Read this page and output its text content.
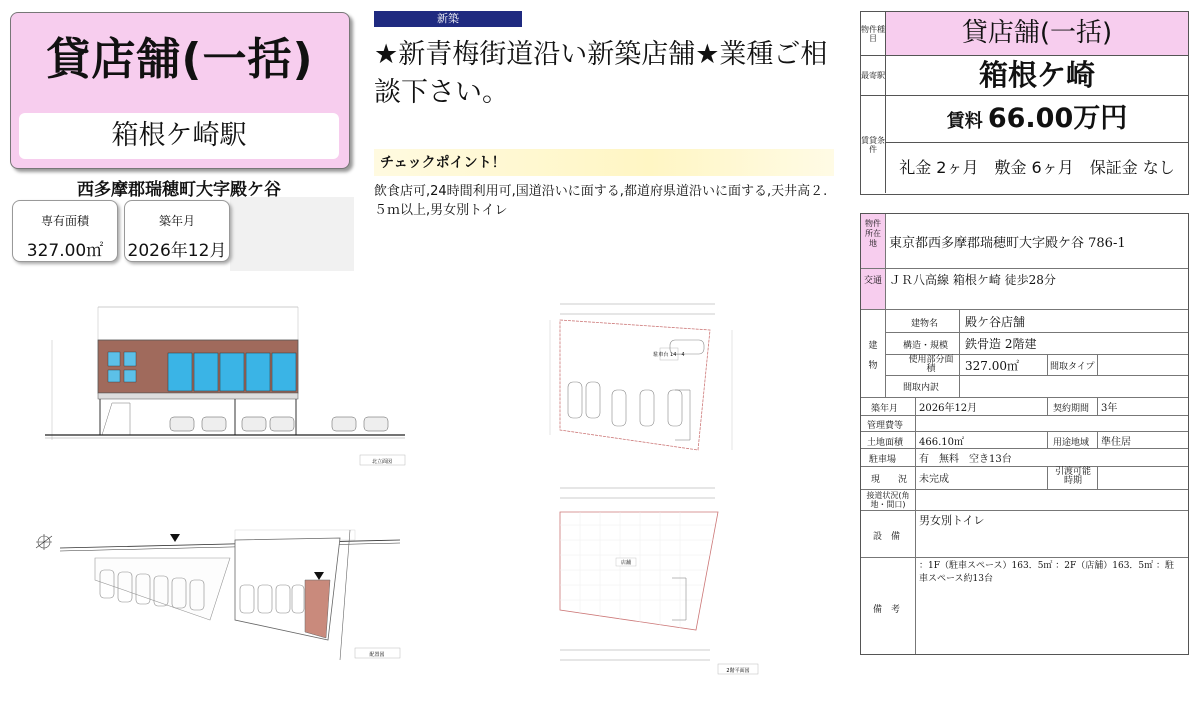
貸店舗(一括)
箱根ケ崎駅
西多摩郡瑞穂町大字殿ケ谷
専有面積
327.00㎡
築年月
2026年12月
新築
★新青梅街道沿い新築店舗★業種ご相談下さい。
チェックポイント！
飲食店可,24時間利用可,国道沿いに面する,都道府県道沿いに面する,天井高２.５ｍ以上,男女別トイレ
物件種目	貸店舗(一括)
最寄駅	箱根ケ崎
賃貸条件
賃料 66.00万円
礼金 2ヶ月　敷金 6ヶ月　保証金 なし
物件所在地 東京都西多摩郡瑞穂町大字殿ケ谷 786-1
交通 ＪＲ八高線 箱根ケ崎 徒歩28分
建物
建物名 殿ケ谷店舗
構造・規模 鉄骨造 2階建
使用部分面積	327.00㎡	間取タイプ
間取内訳
築年月 2026年12月	契約期間 3年
管理費等
土地面積 466.10㎡	用途地域 準住居
駐車場 有　無料　空き13台
現　　況 未完成
引渡可能時期
接道状況(角地・間口)
設　備
男女別トイレ
備　考
：1F（駐車スペース）163．5㎡ ：2F（店舗）163．5㎡ ：駐車スペース約13台
北立面図
配置図
駐車台 14－4
店舗
2階平面図
